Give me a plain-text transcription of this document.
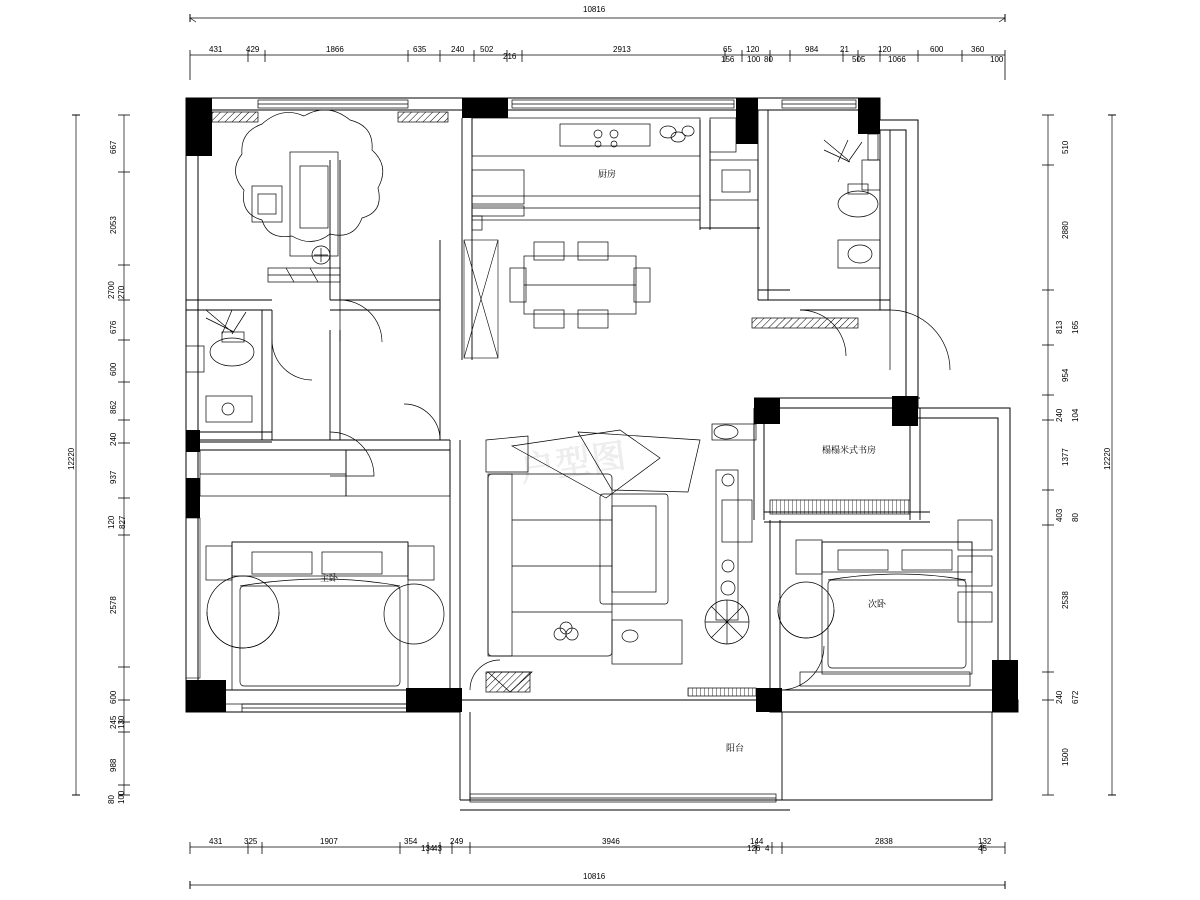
厨房
主卧
次卧
阳台
榻榻米式书房
户型图
10816
10816
12220	12220
431	429	1866	635	240 502
216
2913	65 120
156 100 80
984	21
505
120
1066
600	360
100
431	325	1907	354
134
43
249	3946	144
126 4
2838	132
45
667
2053
2700 270
676
600
862
240
937
120 827
2578
600
245 130
988
80 100
510
2880
813 165
954
240 104
1377
403 80
2538
240 672
1500
